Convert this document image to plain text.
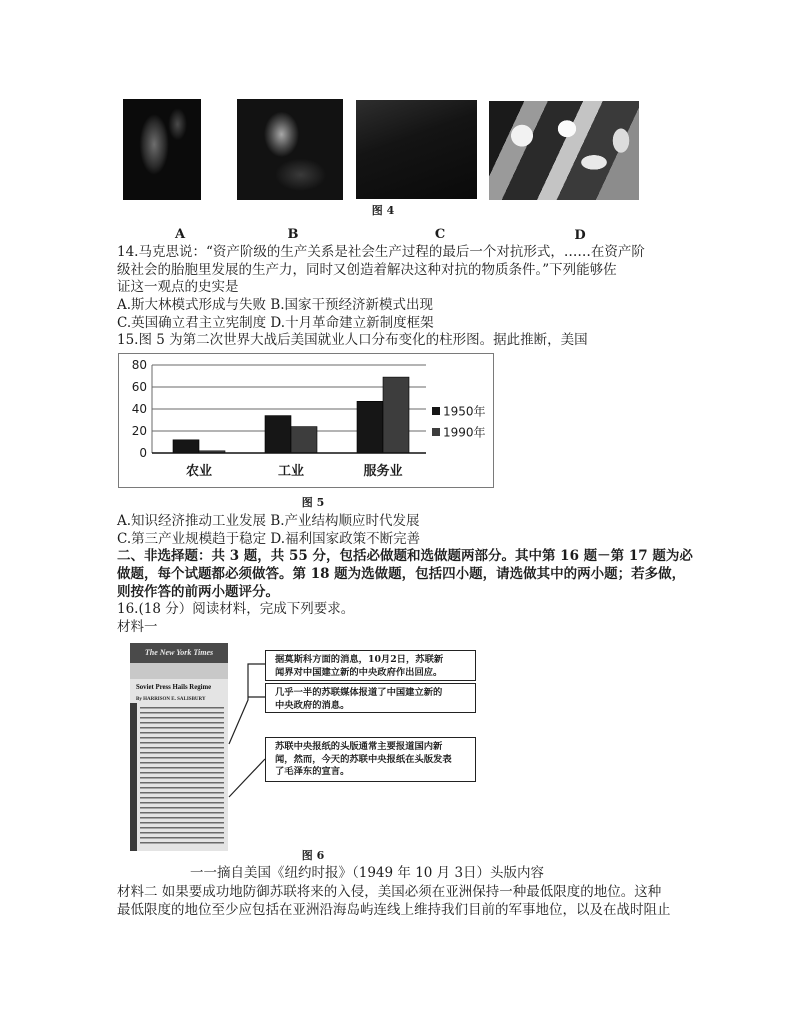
图 4
A	B	C	D
14.马克思说：“资产阶级的生产关系是社会生产过程的最后一个对抗形式，……在资产阶
级社会的胎胞里发展的生产力，同时又创造着解决这种对抗的物质条件。”下列能够佐
证这一观点的史实是
A.斯大林模式形成与失败 B.国家干预经济新模式出现
C.英国确立君主立宪制度 D.十月革命建立新制度框架
15.图 5 为第二次世界大战后美国就业人口分布变化的柱形图。据此推断，美国
0
20
40
60
80
农业	工业	服务业
1950年
1990年
图 5
A.知识经济推动工业发展 B.产业结构顺应时代发展
C.第三产业规模趋于稳定 D.福利国家政策不断完善
二、非选择题：共 3 题，共 55 分，包括必做题和选做题两部分。其中第 16 题－第 17 题为必
做题，每个试题都必须做答。第 18 题为选做题，包括四小题，请选做其中的两小题；若多做，
则按作答的前两小题评分。
16.(18 分）阅读材料，完成下列要求。
材料一
The New York Times
Soviet Press Hails Regime
By HARRISON E. SALISBURY
据莫斯科方面的消息，10月2日，苏联新
闻界对中国建立新的中央政府作出回应。
几乎一半的苏联媒体报道了中国建立新的
中央政府的消息。
苏联中央报纸的头版通常主要报道国内新
闻，然而，今天的苏联中央报纸在头版发表
了毛泽东的宣言。
图 6
一一摘自美国《纽约时报》（1949 年 10 月 3日）头版内容
材料二 如果要成功地防御苏联将来的入侵，美国必须在亚洲保持一种最低限度的地位。这种
最低限度的地位至少应包括在亚洲沿海岛屿连线上维持我们目前的军事地位，以及在战时阻止
